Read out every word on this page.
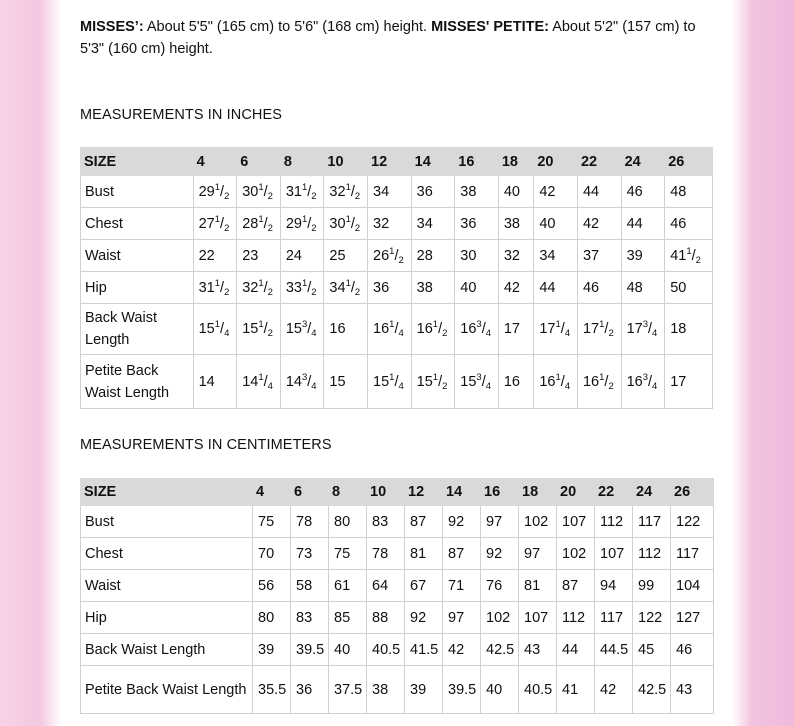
MISSES’: About 5'5" (165 cm) to 5'6" (168 cm) height. MISSES' PETITE: About 5'2" (157 cm) to 5'3" (160 cm) height.
MEASUREMENTS IN INCHES
SIZE	4	6	8	10	12	14	16	18	20	22	24	26
Bust	$29^1/_2$	$30^1/_2$	$31^1/_2$	$32^1/_2$	34	36	38	40	42	44	46	48
Chest	$27^1/_2$	$28^1/_2$	$29^1/_2$	$30^1/_2$	32	34	36	38	40	42	44	46
Waist	22	23	24	25	$26^1/_2$	28	30	32	34	37	39	$41^1/_2$
Hip	$31^1/_2$	$32^1/_2$	$33^1/_2$	$34^1/_2$	36	38	40	42	44	46	48	50
Back Waist Length	$15^1/_4$	$15^1/_2$	$15^3/_4$	16	$16^1/_4$	$16^1/_2$	$16^3/_4$	17	$17^1/_4$	$17^1/_2$	$17^3/_4$	18
Petite Back Waist Length	14	$14^1/_4$	$14^3/_4$	15	$15^1/_4$	$15^1/_2$	$15^3/_4$	16	$16^1/_4$	$16^1/_2$	$16^3/_4$	17
MEASUREMENTS IN CENTIMETERS
SIZE	4	6	8	10	12	14	16	18	20	22	24	26
Bust	75	78	80	83	87	92	97	102	107	112	117	122
Chest	70	73	75	78	81	87	92	97	102	107	112	117
Waist	56	58	61	64	67	71	76	81	87	94	99	104
Hip	80	83	85	88	92	97	102	107	112	117	122	127
Back Waist Length	39	39.5	40	40.5	41.5	42	42.5	43	44	44.5	45	46
Petite Back Waist Length	35.5	36	37.5	38	39	39.5	40	40.5	41	42	42.5	43
